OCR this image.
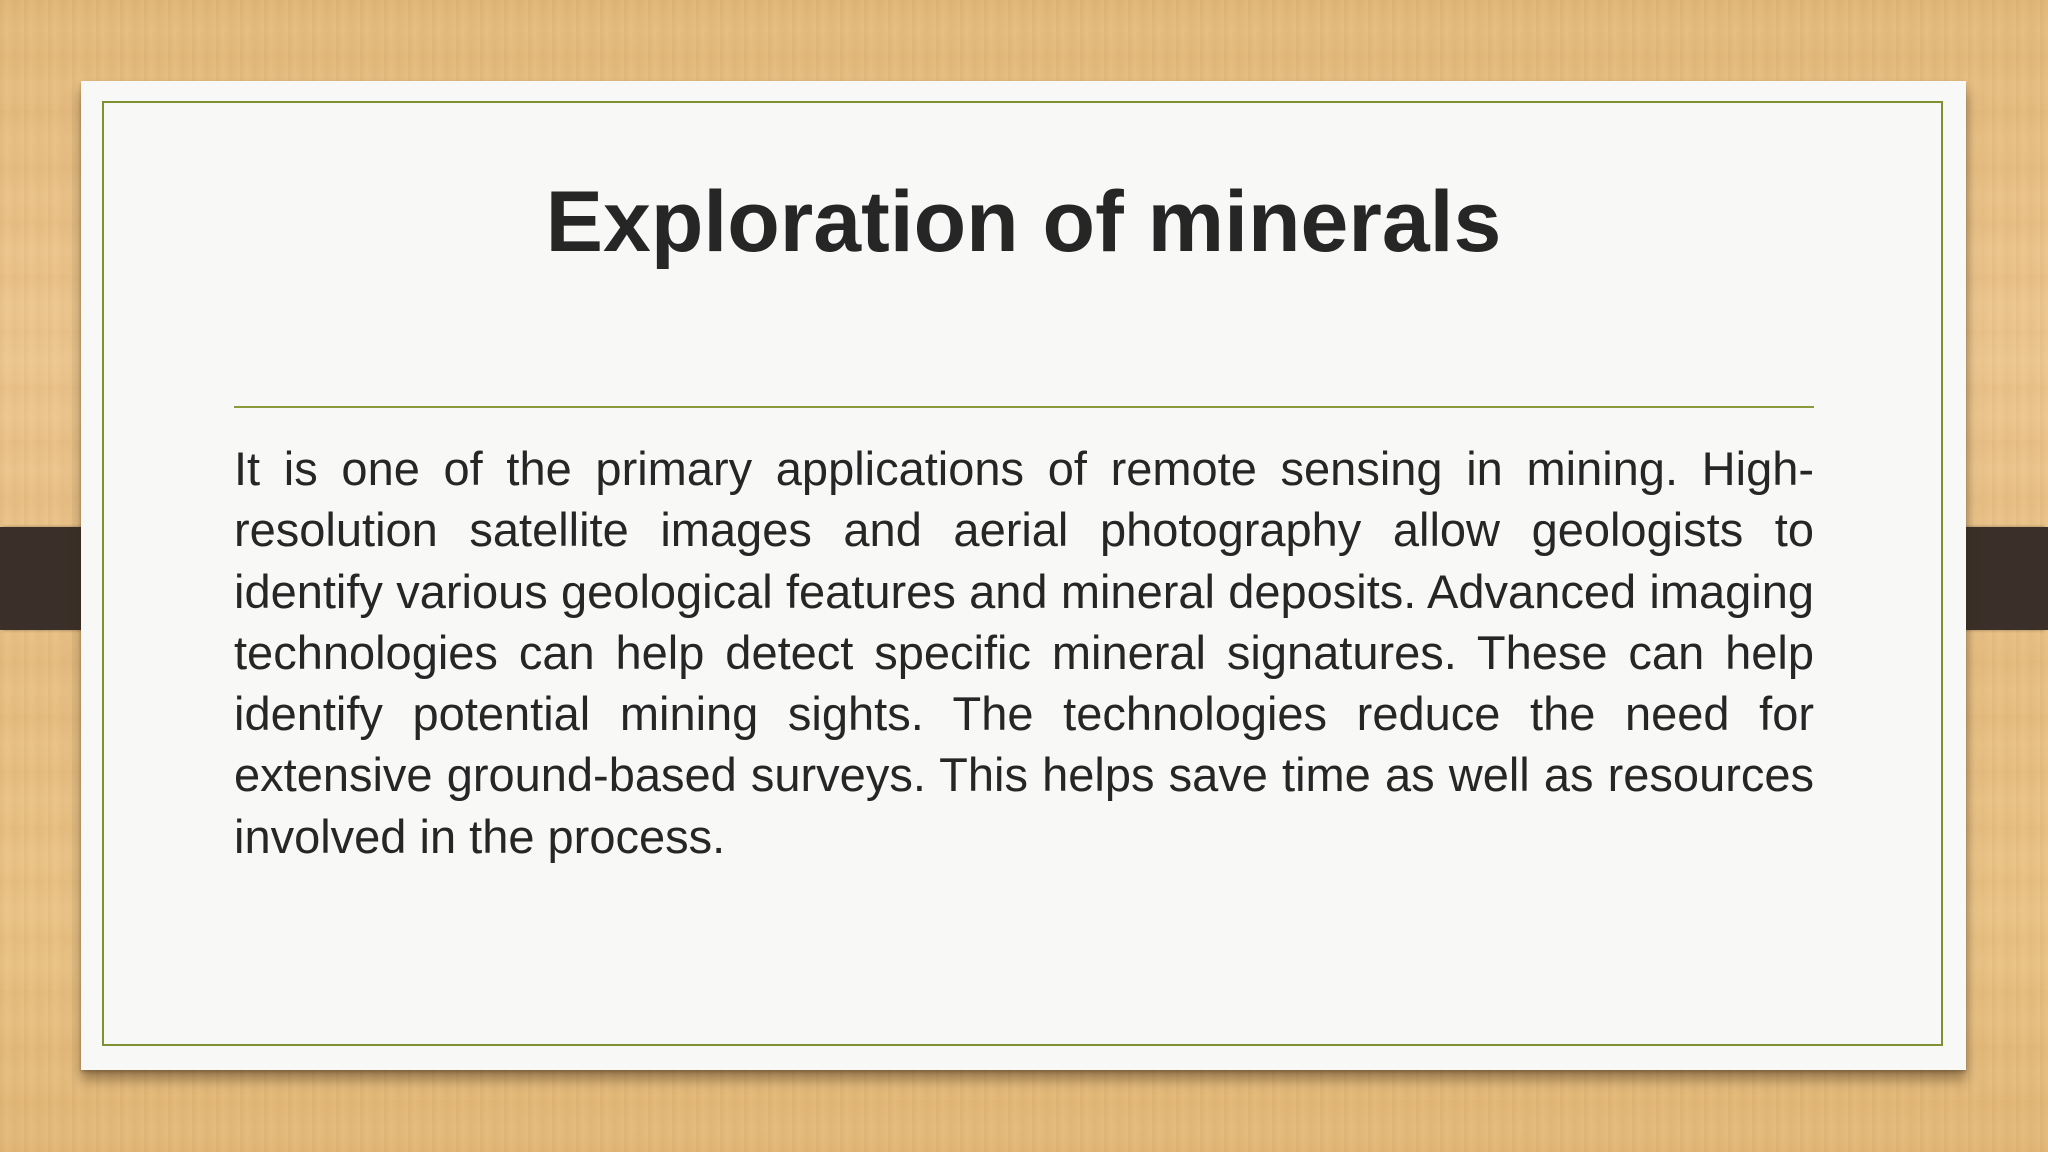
Exploration of minerals

It is one of the primary applications of remote sensing in mining. High-resolution satellite images and aerial photography allow geologists to identify various geological features and mineral deposits. Advanced imaging technologies can help detect specific mineral signatures. These can help identify potential mining sights. The technologies reduce the need for extensive ground-based surveys. This helps save time as well as resources involved in the process.
